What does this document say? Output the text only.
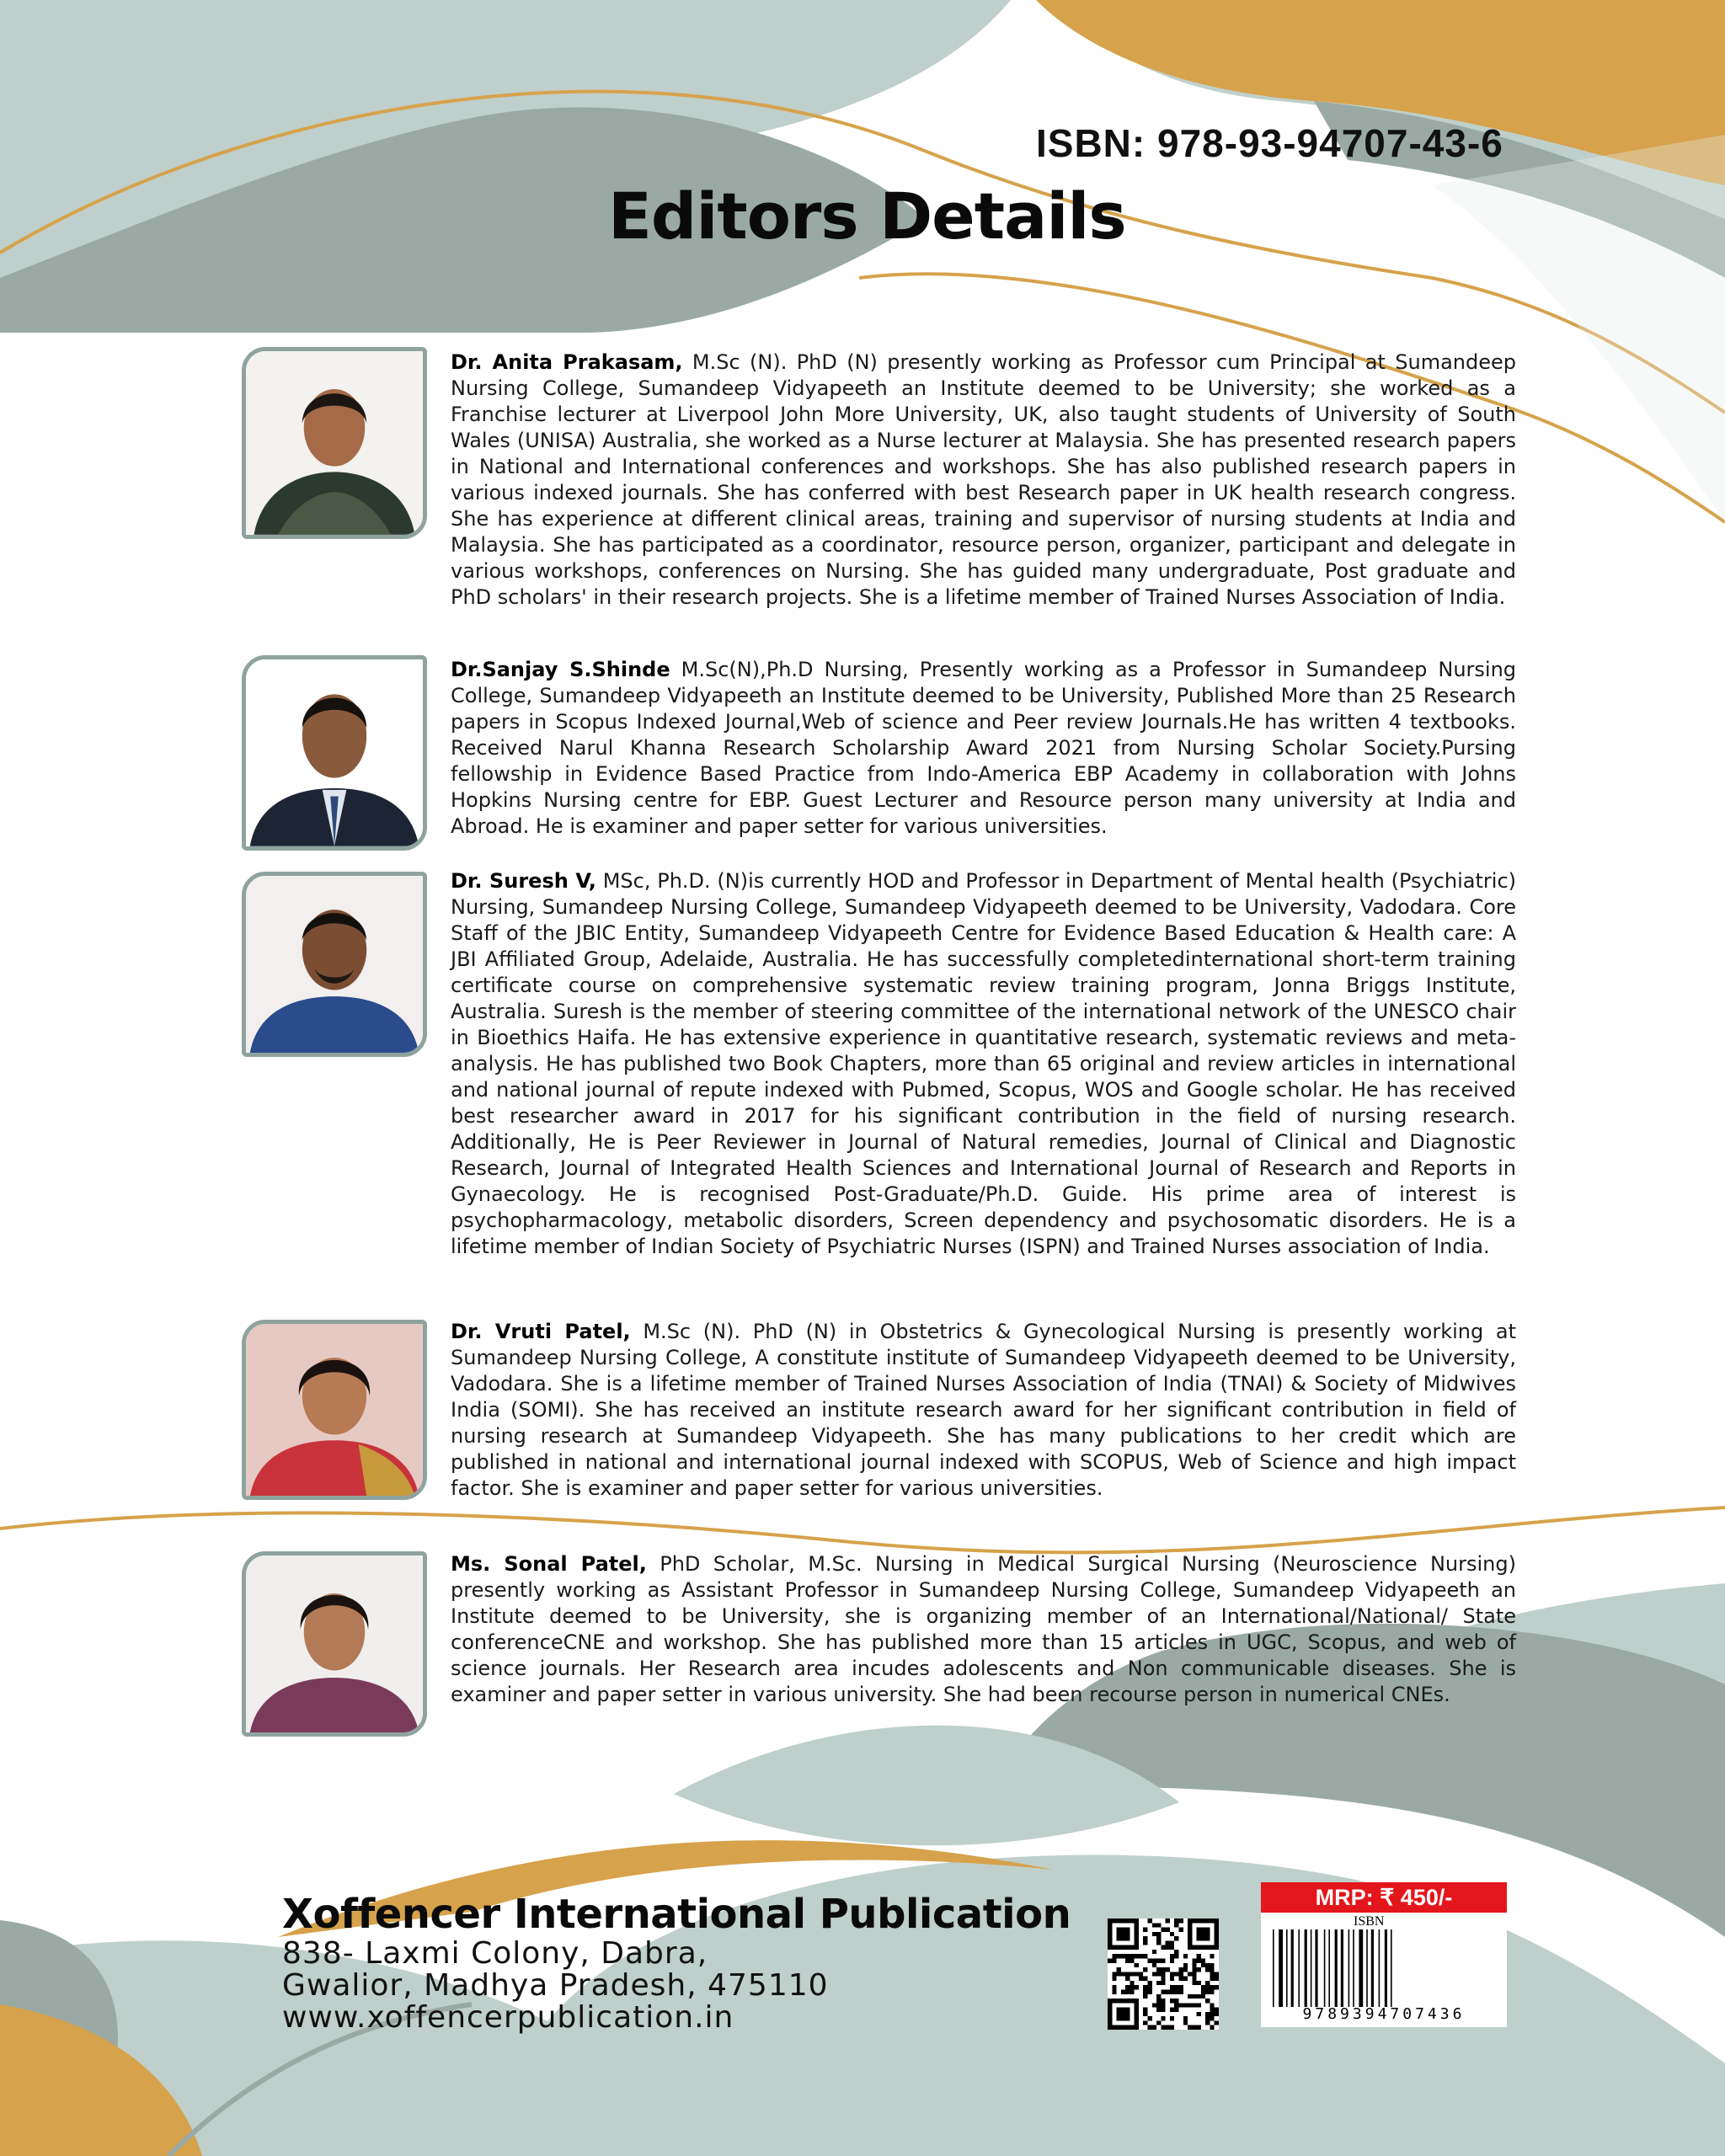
ISBN: 978-93-94707-43-6
Editors Details

Dr. Anita Prakasam, M.Sc (N). PhD (N) presently working as Professor cum Principal at Sumandeep Nursing College, Sumandeep Vidyapeeth an Institute deemed to be University; she worked as a Franchise lecturer at Liverpool John More University, UK, also taught students of University of South Wales (UNISA) Australia, she worked as a Nurse lecturer at Malaysia. She has presented research papers in National and International conferences and workshops. She has also published research papers in various indexed journals. She has conferred with best Research paper in UK health research congress. She has experience at different clinical areas, training and supervisor of nursing students at India and Malaysia. She has participated as a coordinator, resource person, organizer, participant and delegate in various workshops, conferences on Nursing. She has guided many undergraduate, Post graduate and PhD scholars' in their research projects. She is a lifetime member of Trained Nurses Association of India.

Dr.Sanjay S.Shinde M.Sc(N),Ph.D Nursing, Presently working as a Professor in Sumandeep Nursing College, Sumandeep Vidyapeeth an Institute deemed to be University, Published More than 25 Research papers in Scopus Indexed Journal,Web of science and Peer review Journals.He has written 4 textbooks. Received Narul Khanna Research Scholarship Award 2021 from Nursing Scholar Society.Pursing fellowship in Evidence Based Practice from Indo-America EBP Academy in collaboration with Johns Hopkins Nursing centre for EBP. Guest Lecturer and Resource person many university at India and Abroad. He is examiner and paper setter for various universities.

Dr. Suresh V, MSc, Ph.D. (N)is currently HOD and Professor in Department of Mental health (Psychiatric) Nursing, Sumandeep Nursing College, Sumandeep Vidyapeeth deemed to be University, Vadodara. Core Staff of the JBIC Entity, Sumandeep Vidyapeeth Centre for Evidence Based Education & Health care: A JBI Affiliated Group, Adelaide, Australia. He has successfully completedinternational short-term training certificate course on comprehensive systematic review training program, Jonna Briggs Institute, Australia. Suresh is the member of steering committee of the international network of the UNESCO chair in Bioethics Haifa. He has extensive experience in quantitative research, systematic reviews and meta-analysis. He has published two Book Chapters, more than 65 original and review articles in international and national journal of repute indexed with Pubmed, Scopus, WOS and Google scholar. He has received best researcher award in 2017 for his significant contribution in the field of nursing research. Additionally, He is Peer Reviewer in Journal of Natural remedies, Journal of Clinical and Diagnostic Research, Journal of Integrated Health Sciences and International Journal of Research and Reports in Gynaecology. He is recognised Post-Graduate/Ph.D. Guide. His prime area of interest is psychopharmacology, metabolic disorders, Screen dependency and psychosomatic disorders. He is a lifetime member of Indian Society of Psychiatric Nurses (ISPN) and Trained Nurses association of India.

Dr. Vruti Patel, M.Sc (N). PhD (N) in Obstetrics & Gynecological Nursing is presently working at Sumandeep Nursing College, A constitute institute of Sumandeep Vidyapeeth deemed to be University, Vadodara. She is a lifetime member of Trained Nurses Association of India (TNAI) & Society of Midwives India (SOMI). She has received an institute research award for her significant contribution in field of nursing research at Sumandeep Vidyapeeth. She has many publications to her credit which are published in national and international journal indexed with SCOPUS, Web of Science and high impact factor. She is examiner and paper setter for various universities.

Ms. Sonal Patel, PhD Scholar, M.Sc. Nursing in Medical Surgical Nursing (Neuroscience Nursing) presently working as Assistant Professor in Sumandeep Nursing College, Sumandeep Vidyapeeth an Institute deemed to be University, she is organizing member of an International/National/ State conferenceCNE and workshop. She has published more than 15 articles in UGC, Scopus, and web of science journals. Her Research area incudes adolescents and Non communicable diseases. She is examiner and paper setter in various university. She had been recourse person in numerical CNEs.

Xoffencer International Publication
838- Laxmi Colony, Dabra,
Gwalior, Madhya Pradesh, 475110
www.xoffencerpublication.in
MRP: ₹ 450/-
ISBN
9789394707436
